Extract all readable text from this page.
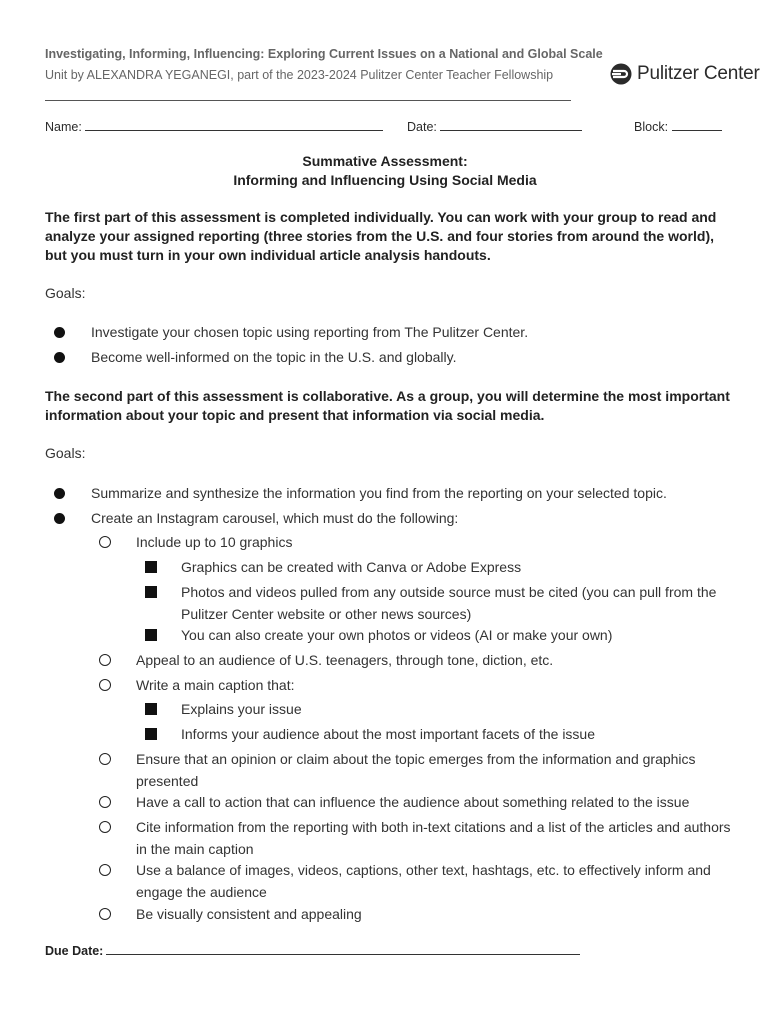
Investigating, Informing, Influencing: Exploring Current Issues on a National and Global Scale
Unit by ALEXANDRA YEGANEGI, part of the 2023-2024 Pulitzer Center Teacher Fellowship	Pulitzer Center
Name:	Date:	Block:
Summative Assessment:
Informing and Influencing Using Social Media
The first part of this assessment is completed individually. You can work with your group to read and analyze your assigned reporting (three stories from the U.S. and four stories from around the world), but you must turn in your own individual article analysis handouts.
Goals:
Investigate your chosen topic using reporting from The Pulitzer Center.
Become well-informed on the topic in the U.S. and globally.
The second part of this assessment is collaborative. As a group, you will determine the most important information about your topic and present that information via social media.
Goals:
Summarize and synthesize the information you find from the reporting on your selected topic.
Create an Instagram carousel, which must do the following:
Include up to 10 graphics
Graphics can be created with Canva or Adobe Express
Photos and videos pulled from any outside source must be cited (you can pull from the Pulitzer Center website or other news sources)
You can also create your own photos or videos (AI or make your own)
Appeal to an audience of U.S. teenagers, through tone, diction, etc.
Write a main caption that:
Explains your issue
Informs your audience about the most important facets of the issue
Ensure that an opinion or claim about the topic emerges from the information and graphics presented
Have a call to action that can influence the audience about something related to the issue
Cite information from the reporting with both in-text citations and a list of the articles and authors in the main caption
Use a balance of images, videos, captions, other text, hashtags, etc. to effectively inform and engage the audience
Be visually consistent and appealing
Due Date:
